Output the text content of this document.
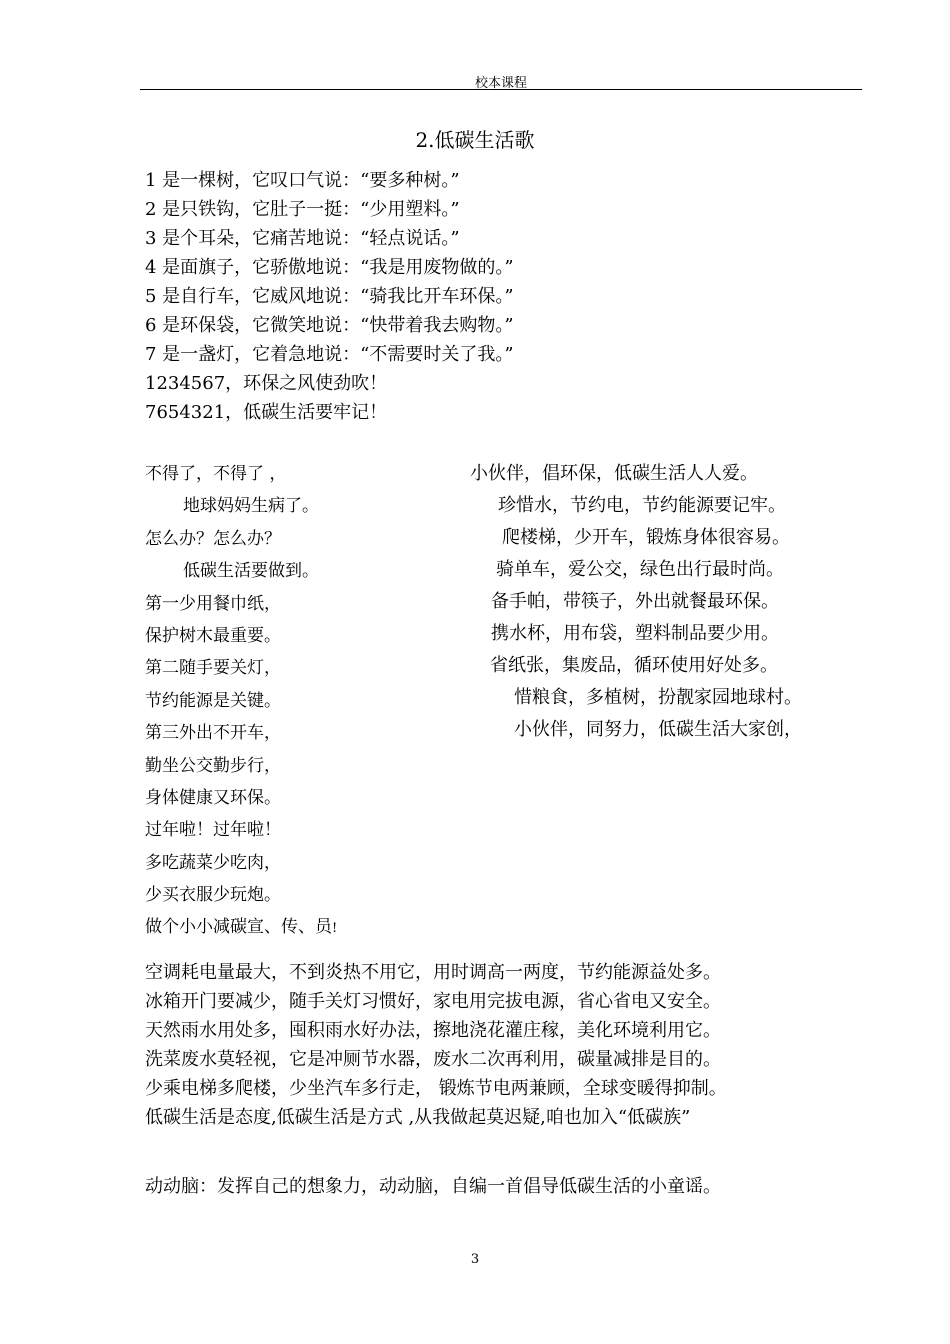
校本课程
2.低碳生活歌
1 是一棵树，它叹口气说：“要多种树。”
2 是只铁钩，它肚子一挺：“少用塑料。”
3 是个耳朵，它痛苦地说：“轻点说话。”
4 是面旗子，它骄傲地说：“我是用废物做的。”
5 是自行车，它威风地说：“骑我比开车环保。”
6 是环保袋，它微笑地说：“快带着我去购物。”
7 是一盏灯，它着急地说：“不需要时关了我。”
1234567，环保之风使劲吹！
7654321，低碳生活要牢记！
不得了，不得了 ，
地球妈妈生病了。
怎么办？怎么办？
低碳生活要做到。
第一少用餐巾纸，
保护树木最重要。
第二随手要关灯，
节约能源是关键。
第三外出不开车，
勤坐公交勤步行，
身体健康又环保。
过年啦！过年啦！
多吃蔬菜少吃肉，
少买衣服少玩炮。
做个小小减碳宣、传、员!
小伙伴，倡环保，低碳生活人人爱。
珍惜水，节约电，节约能源要记牢。
爬楼梯，少开车，锻炼身体很容易。
骑单车，爱公交，绿色出行最时尚。
备手帕，带筷子，外出就餐最环保。
携水杯，用布袋，塑料制品要少用。
省纸张，集废品，循环使用好处多。
惜粮食，多植树，扮靓家园地球村。
小伙伴，同努力，低碳生活大家创，
空调耗电量最大，不到炎热不用它，用时调高一两度，节约能源益处多。
冰箱开门要减少，随手关灯习惯好，家电用完拔电源，省心省电又安全。
天然雨水用处多，囤积雨水好办法，擦地浇花灌庄稼，美化环境利用它。
洗菜废水莫轻视，它是冲厕节水器，废水二次再利用，碳量减排是目的。
少乘电梯多爬楼，少坐汽车多行走， 锻炼节电两兼顾，全球变暖得抑制。
低碳生活是态度,低碳生活是方式 ,从我做起莫迟疑,咱也加入“低碳族”
动动脑：发挥自己的想象力，动动脑，自编一首倡导低碳生活的小童谣。
3
